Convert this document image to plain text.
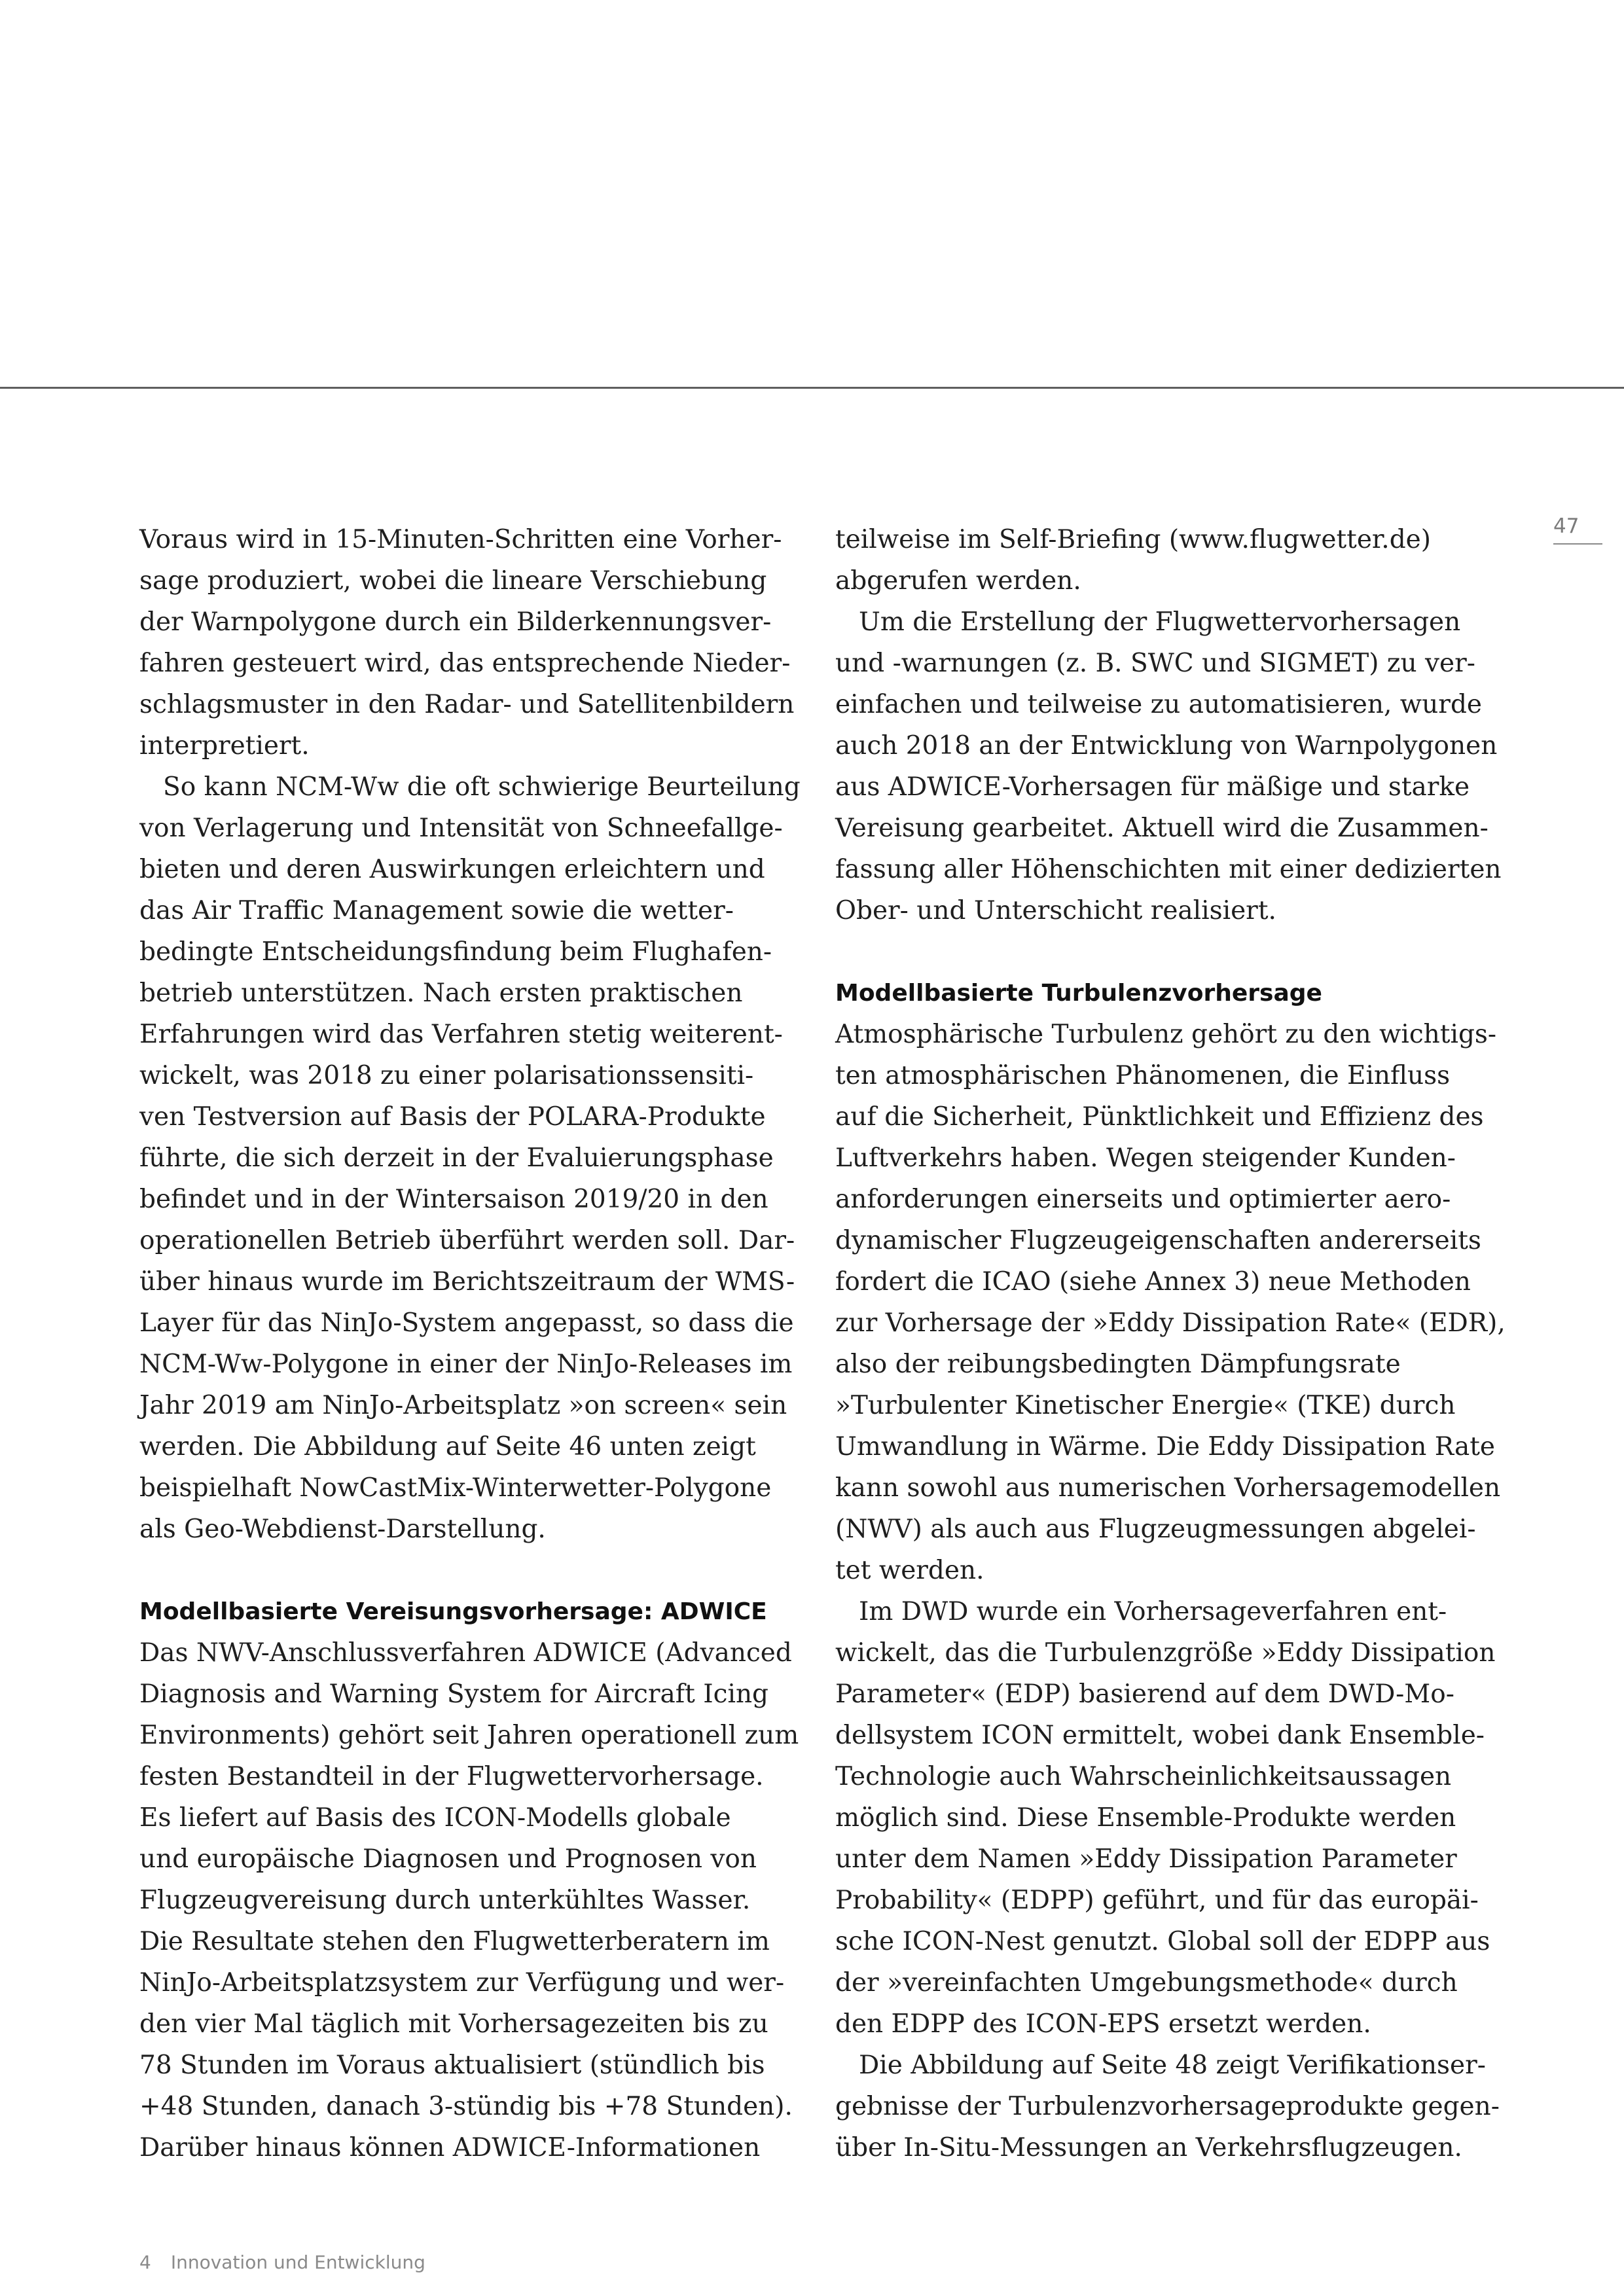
47
Voraus wird in 15-Minuten-Schritten eine Vorher-
sage produziert, wobei die lineare Verschiebung
der Warnpolygone durch ein Bilderkennungsver-
fahren gesteuert wird, das entsprechende Nieder-
schlagsmuster in den Radar- und Satellitenbildern
interpretiert.
So kann NCM-Ww die oft schwierige Beurteilung
von Verlagerung und Intensität von Schneefallge-
bieten und deren Auswirkungen erleichtern und
das Air Traffic Management sowie die wetter-
bedingte Entscheidungsfindung beim Flughafen-
betrieb unterstützen. Nach ersten praktischen
Erfahrungen wird das Verfahren stetig weiterent-
wickelt, was 2018 zu einer polarisationssensiti-
ven Testversion auf Basis der POLARA-Produkte
führte, die sich derzeit in der Evaluierungsphase
befindet und in der Wintersaison 2019/20 in den
operationellen Betrieb überführt werden soll. Dar-
über hinaus wurde im Berichtszeitraum der WMS-
Layer für das NinJo-System angepasst, so dass die
NCM-Ww-Polygone in einer der NinJo-Releases im
Jahr 2019 am NinJo-Arbeitsplatz »on screen« sein
werden. Die Abbildung auf Seite 46 unten zeigt
beispielhaft NowCastMix-Winterwetter-Polygone
als Geo-Webdienst-Darstellung.
Modellbasierte Vereisungsvorhersage: ADWICE
Das NWV-Anschlussverfahren ADWICE (Advanced
Diagnosis and Warning System for Aircraft Icing
Environments) gehört seit Jahren operationell zum
festen Bestandteil in der Flugwettervorhersage.
Es liefert auf Basis des ICON-Modells globale
und europäische Diagnosen und Prognosen von
Flugzeugvereisung durch unterkühltes Wasser.
Die Resultate stehen den Flugwetterberatern im
NinJo-Arbeitsplatzsystem zur Verfügung und wer-
den vier Mal täglich mit Vorhersagezeiten bis zu
78 Stunden im Voraus aktualisiert (stündlich bis
+48 Stunden, danach 3-stündig bis +78 Stunden).
Darüber hinaus können ADWICE-Informationen
teilweise im Self-Briefing (www.flugwetter.de)
abgerufen werden.
Um die Erstellung der Flugwettervorhersagen
und -warnungen (z. B. SWC und SIGMET) zu ver-
einfachen und teilweise zu automatisieren, wurde
auch 2018 an der Entwicklung von Warnpolygonen
aus ADWICE-Vorhersagen für mäßige und starke
Vereisung gearbeitet. Aktuell wird die Zusammen-
fassung aller Höhenschichten mit einer dedizierten
Ober- und Unterschicht realisiert.
Modellbasierte Turbulenzvorhersage
Atmosphärische Turbulenz gehört zu den wichtigs-
ten atmosphärischen Phänomenen, die Einfluss
auf die Sicherheit, Pünktlichkeit und Effizienz des
Luftverkehrs haben. Wegen steigender Kunden-
anforderungen einerseits und optimierter aero-
dynamischer Flugzeugeigenschaften andererseits
fordert die ICAO (siehe Annex 3) neue Methoden
zur Vorhersage der »Eddy Dissipation Rate« (EDR),
also der reibungsbedingten Dämpfungsrate
»Turbulenter Kinetischer Energie« (TKE) durch
Umwandlung in Wärme. Die Eddy Dissipation Rate
kann sowohl aus numerischen Vorhersagemodellen
(NWV) als auch aus Flugzeugmessungen abgelei-
tet werden.
Im DWD wurde ein Vorhersageverfahren ent-
wickelt, das die Turbulenzgröße »Eddy Dissipation
Parameter« (EDP) basierend auf dem DWD-Mo-
dellsystem ICON ermittelt, wobei dank Ensemble-
Technologie auch Wahrscheinlichkeitsaussagen
möglich sind. Diese Ensemble-Produkte werden
unter dem Namen »Eddy Dissipation Parameter
Probability« (EDPP) geführt, und für das europäi-
sche ICON-Nest genutzt. Global soll der EDPP aus
der »vereinfachten Umgebungsmethode« durch
den EDPP des ICON-EPS ersetzt werden.
Die Abbildung auf Seite 48 zeigt Verifikationser-
gebnisse der Turbulenzvorhersageprodukte gegen-
über In-Situ-Messungen an Verkehrsflugzeugen.
4 Innovation und Entwicklung
